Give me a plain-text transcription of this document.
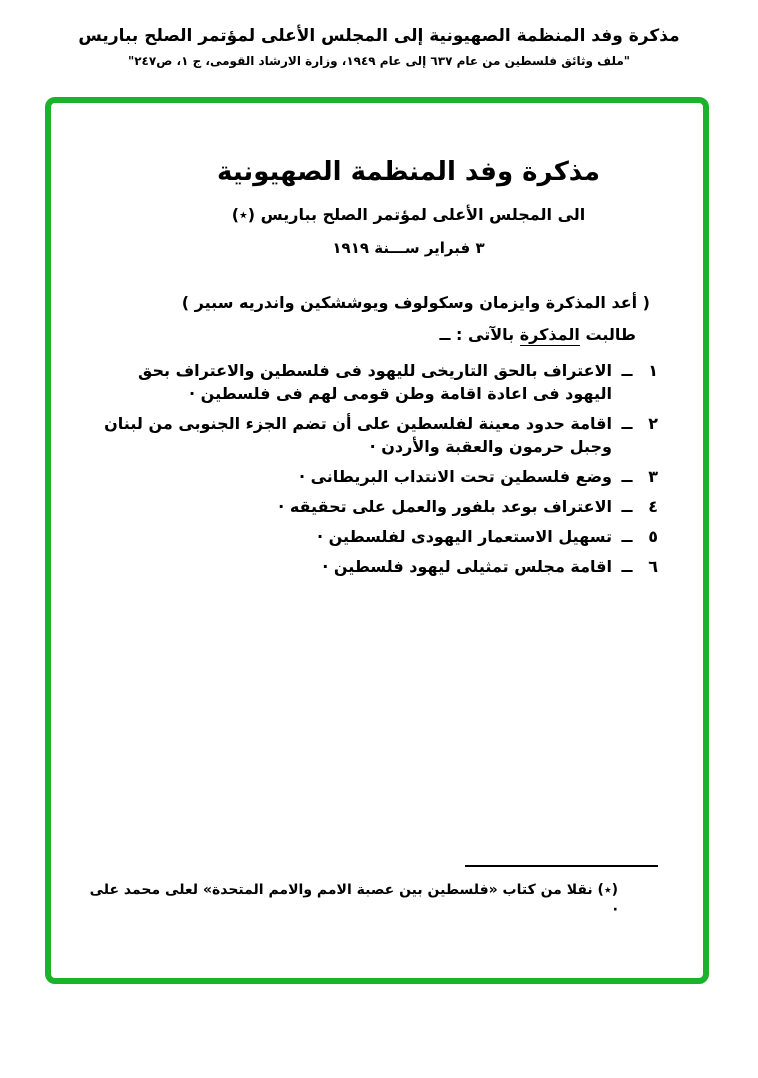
مذكرة وفد المنظمة الصهيونية إلى المجلس الأعلى لمؤتمر الصلح بباريس
"ملف وثائق فلسطين من عام ٦٣٧ إلى عام ١٩٤٩، وزارة الارشاد القومى، ج ١، ص٢٤٧"
مذكرة وفد المنظمة الصهيونية
الى المجلس الأعلى لمؤتمر الصلح بباريس (٭)
٣ فبراير ســـنة ١٩١٩

( أعد المذكرة وايزمان وسكولوف ويوششكين واندريه سبير )

طالبت المذكرة بالآتى : ــ

١
ــ
الاعتراف بالحق التاريخى لليهود فى فلسطين والاعتراف بحق اليهود فى اعادة اقامة وطن قومى لهم فى فلسطين ·
٢
ــ
اقامة حدود معينة لفلسطين على أن تضم الجزء الجنوبى من لبنان وجبل حرمون والعقبة والأردن ·
٣
ــ
وضع فلسطين تحت الانتداب البريطانى ·
٤
ــ
الاعتراف بوعد بلفور والعمل على تحقيقه ·
٥
ــ
تسهيل الاستعمار اليهودى لفلسطين ·
٦
ــ
اقامة مجلس تمثيلى ليهود فلسطين ·

(٭) نقلا من كتاب «فلسطين بين عصبة الامم والامم المتحدة» لعلى محمد على ·
